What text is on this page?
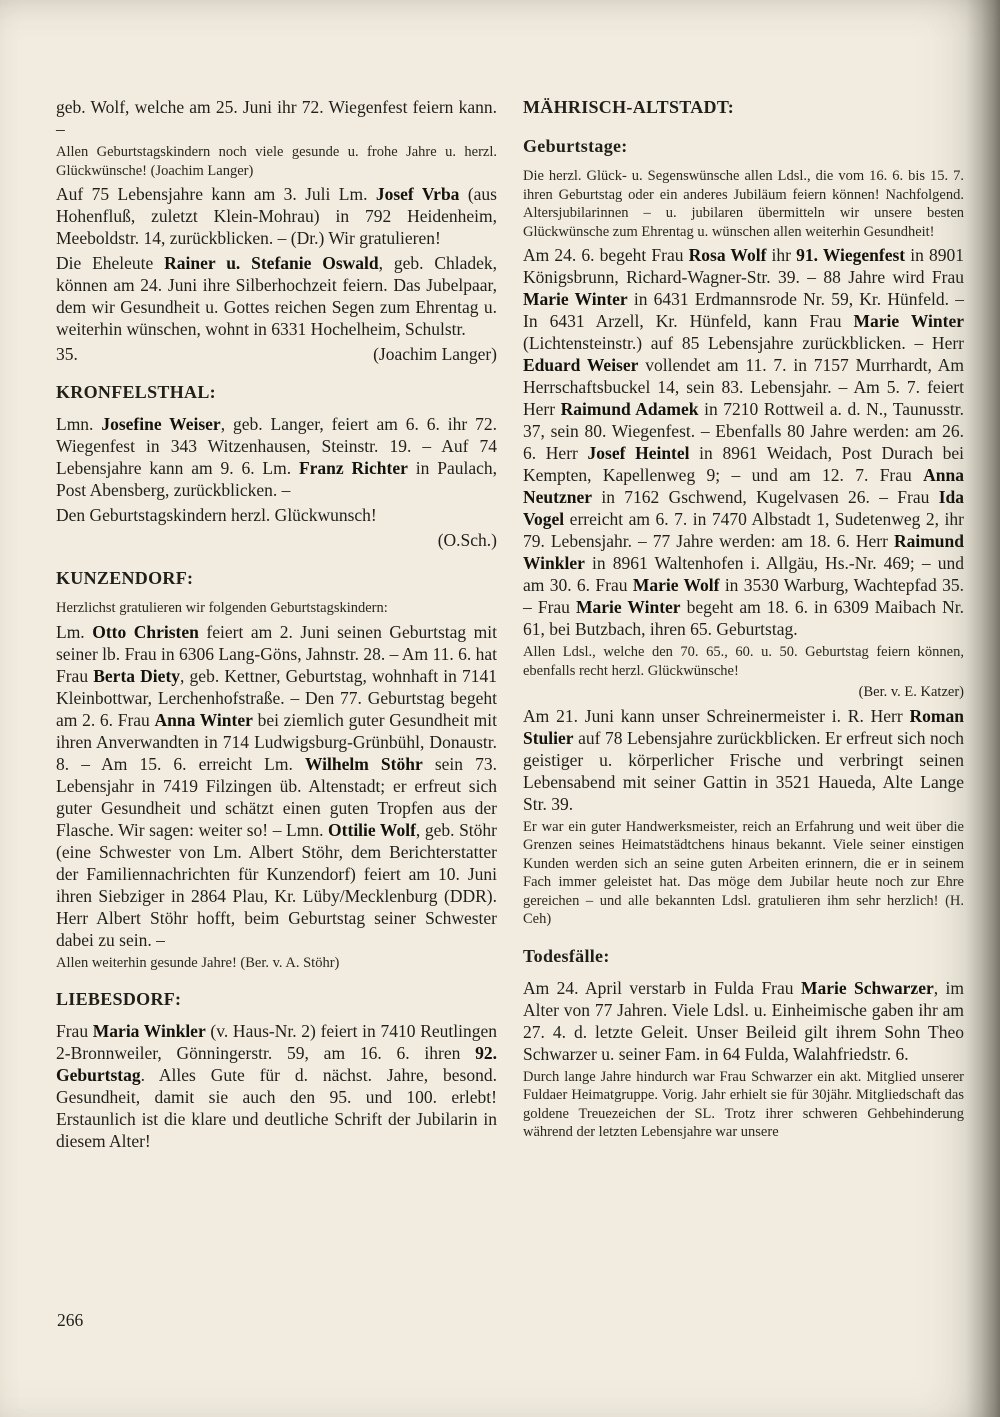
geb. Wolf, welche am 25. Juni ihr 72. Wiegenfest feiern kann. –

Allen Geburtstagskindern noch viele gesunde u. frohe Jahre u. herzl. Glückwünsche! (Joachim Langer)

Auf 75 Lebensjahre kann am 3. Juli Lm. Josef Vrba (aus Hohenfluß, zuletzt Klein-Mohrau) in 792 Heidenheim, Meeboldstr. 14, zurückblicken. – (Dr.) Wir gratulieren!

Die Eheleute Rainer u. Stefanie Oswald, geb. Chladek, können am 24. Juni ihre Silberhochzeit feiern. Das Jubelpaar, dem wir Gesundheit u. Gottes reichen Segen zum Ehrentag u. weiterhin wünschen, wohnt in 6331 Hochelheim, Schulstr.

35.	(Joachim Langer)
KRONFELSTHAL:

Lmn. Josefine Weiser, geb. Langer, feiert am 6. 6. ihr 72. Wiegenfest in 343 Witzenhausen, Steinstr. 19. – Auf 74 Lebensjahre kann am 9. 6. Lm. Franz Richter in Paulach, Post Abensberg, zurückblicken. –

Den Geburtstagskindern herzl. Glückwunsch!

(O.Sch.)
KUNZENDORF:

Herzlichst gratulieren wir folgenden Geburtstagskindern:

Lm. Otto Christen feiert am 2. Juni seinen Geburtstag mit seiner lb. Frau in 6306 Lang-Göns, Jahnstr. 28. – Am 11. 6. hat Frau Berta Diety, geb. Kettner, Geburtstag, wohnhaft in 7141 Kleinbottwar, Lerchenhofstraße. – Den 77. Geburtstag begeht am 2. 6. Frau Anna Winter bei ziemlich guter Gesundheit mit ihren Anverwandten in 714 Ludwigsburg-Grünbühl, Donaustr. 8. – Am 15. 6. erreicht Lm. Wilhelm Stöhr sein 73. Lebensjahr in 7419 Filzingen üb. Altenstadt; er erfreut sich guter Gesundheit und schätzt einen guten Tropfen aus der Flasche. Wir sagen: weiter so! – Lmn. Ottilie Wolf, geb. Stöhr (eine Schwester von Lm. Albert Stöhr, dem Berichterstatter der Familiennachrichten für Kunzendorf) feiert am 10. Juni ihren Siebziger in 2864 Plau, Kr. Lüby/Mecklenburg (DDR). Herr Albert Stöhr hofft, beim Geburtstag seiner Schwester dabei zu sein. –

Allen weiterhin gesunde Jahre! (Ber. v. A. Stöhr)

LIEBESDORF:

Frau Maria Winkler (v. Haus-Nr. 2) feiert in 7410 Reutlingen 2-Bronnweiler, Gönningerstr. 59, am 16. 6. ihren 92. Geburtstag. Alles Gute für d. nächst. Jahre, besond. Gesundheit, damit sie auch den 95. und 100. erlebt! Erstaunlich ist die klare und deutliche Schrift der Jubilarin in diesem Alter!

MÄHRISCH-ALTSTADT:
Geburtstage:

Die herzl. Glück- u. Segenswünsche allen Ldsl., die vom 16. 6. bis 15. 7. ihren Geburtstag oder ein anderes Jubiläum feiern können! Nachfolgend. Altersjubilarinnen – u. jubilaren übermitteln wir unsere besten Glückwünsche zum Ehrentag u. wünschen allen weiterhin Gesundheit!

Am 24. 6. begeht Frau Rosa Wolf ihr 91. Wiegenfest in 8901 Königsbrunn, Richard-Wagner-Str. 39. – 88 Jahre wird Frau Marie Winter in 6431 Erdmannsrode Nr. 59, Kr. Hünfeld. – In 6431 Arzell, Kr. Hünfeld, kann Frau Marie Winter (Lichtensteinstr.) auf 85 Lebensjahre zurückblicken. – Herr Eduard Weiser vollendet am 11. 7. in 7157 Murrhardt, Am Herrschaftsbuckel 14, sein 83. Lebensjahr. – Am 5. 7. feiert Herr Raimund Adamek in 7210 Rottweil a. d. N., Taunusstr. 37, sein 80. Wiegenfest. – Ebenfalls 80 Jahre werden: am 26. 6. Herr Josef Heintel in 8961 Weidach, Post Durach bei Kempten, Kapellenweg 9; – und am 12. 7. Frau Anna Neutzner in 7162 Gschwend, Kugelvasen 26. – Frau Ida Vogel erreicht am 6. 7. in 7470 Albstadt 1, Sudetenweg 2, ihr 79. Lebensjahr. – 77 Jahre werden: am 18. 6. Herr Raimund Winkler in 8961 Waltenhofen i. Allgäu, Hs.-Nr. 469; – und am 30. 6. Frau Marie Wolf in 3530 Warburg, Wachtepfad 35. – Frau Marie Winter begeht am 18. 6. in 6309 Maibach Nr. 61, bei Butzbach, ihren 65. Geburtstag.

Allen Ldsl., welche den 70. 65., 60. u. 50. Geburtstag feiern können, ebenfalls recht herzl. Glückwünsche!

(Ber. v. E. Katzer)

Am 21. Juni kann unser Schreinermeister i. R. Herr Roman Stulier auf 78 Lebensjahre zurückblicken. Er erfreut sich noch geistiger u. körperlicher Frische und verbringt seinen Lebensabend mit seiner Gattin in 3521 Haueda, Alte Lange Str. 39.

Er war ein guter Handwerksmeister, reich an Erfahrung und weit über die Grenzen seines Heimatstädtchens hinaus bekannt. Viele seiner einstigen Kunden werden sich an seine guten Arbeiten erinnern, die er in seinem Fach immer geleistet hat. Das möge dem Jubilar heute noch zur Ehre gereichen – und alle bekannten Ldsl. gratulieren ihm sehr herzlich! (H. Ceh)

Todesfälle:

Am 24. April verstarb in Fulda Frau Marie Schwarzer, im Alter von 77 Jahren. Viele Ldsl. u. Einheimische gaben ihr am 27. 4. d. letzte Geleit. Unser Beileid gilt ihrem Sohn Theo Schwarzer u. seiner Fam. in 64 Fulda, Walahfriedstr. 6.

Durch lange Jahre hindurch war Frau Schwarzer ein akt. Mitglied unserer Fuldaer Heimatgruppe. Vorig. Jahr erhielt sie für 30jähr. Mitgliedschaft das goldene Treuezeichen der SL. Trotz ihrer schweren Gehbehinderung während der letzten Lebensjahre war unsere

266
